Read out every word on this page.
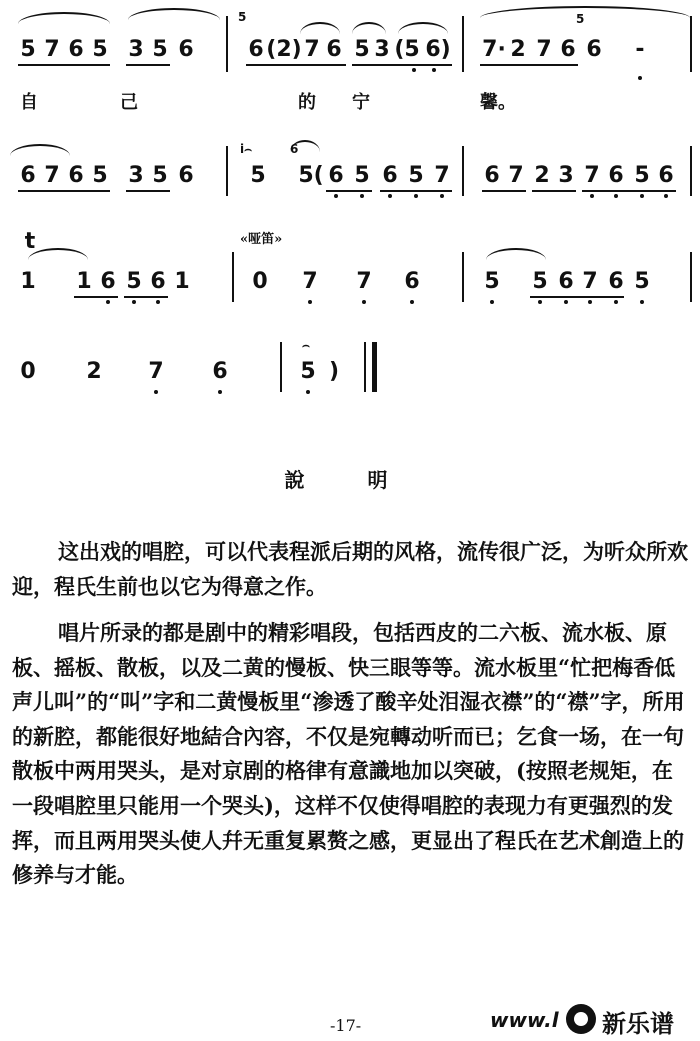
5 7 6 5 3 5 6
5
6 (2) 7 6 5 3 (5 6) 7· 2 7 6
5
6 -
自	己	的 宁	馨。
6 7 6 5 3 5 6
i⌢
5
6
5( 6 5 6 5 7 6 7 2 3 7 6 5 6
t	«哑笛»
1 1 6 5 6 1	0 7 7 6	5 5 6 7 6 5
0 2 7 6
⌢
5 )
說 明

这出戏的唱腔，可以代表程派后期的风格，流传很广泛，为听众所欢迎，程氏生前也以它为得意之作。

唱片所录的都是剧中的精彩唱段，包括西皮的二六板、流水板、原板、摇板、散板，以及二黄的慢板、快三眼等等。流水板里“忙把梅香低声儿叫”的“叫”字和二黄慢板里“渗透了酸辛处泪湿衣襟”的“襟”字，所用的新腔，都能很好地結合內容，不仅是宛轉动听而已；乞食一场，在一句散板中两用哭头，是对京剧的格律有意識地加以突破，(按照老规矩，在一段唱腔里只能用一个哭头)，这样不仅使得唱腔的表现力有更强烈的发挥，而且两用哭头使人幷无重复累赘之感，更显出了程氏在艺术創造上的修养与才能。

-17-	www.l 新乐谱
